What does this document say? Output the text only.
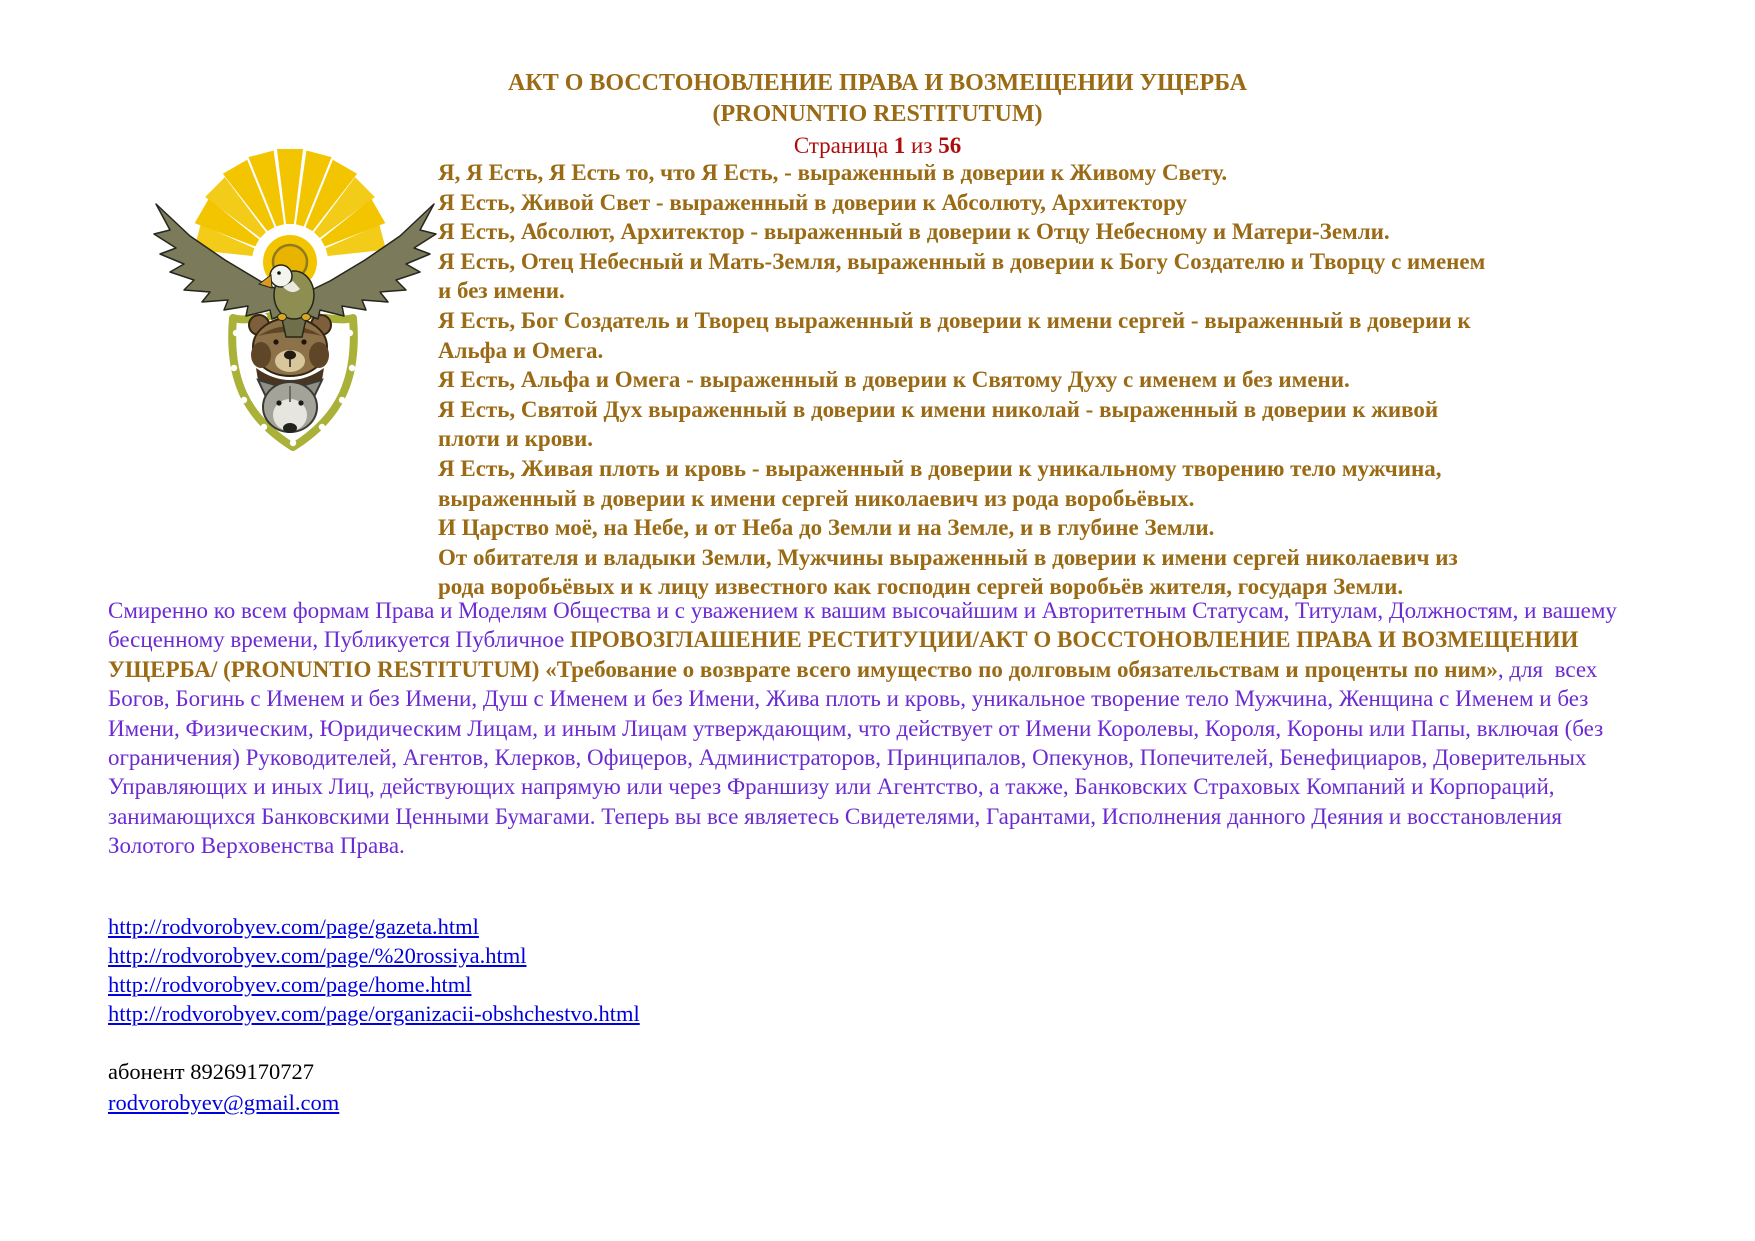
АКТ О ВОССТОНОВЛЕНИЕ ПРАВА И ВОЗМЕЩЕНИИ УЩЕРБА
(PRONUNTIO RESTITUTUM)
Страница 1 из 56
Я, Я Есть, Я Есть то, что Я Есть, - выраженный в доверии к Живому Свету.
Я Есть, Живой Свет - выраженный в доверии к Абсолюту, Архитектору
Я Есть, Абсолют, Архитектор - выраженный в доверии к Отцу Небесному и Матери-Земли.
Я Есть, Отец Небесный и Мать-Земля, выраженный в доверии к Богу Создателю и Творцу с именем
и без имени.
Я Есть, Бог Создатель и Творец выраженный в доверии к имени сергей - выраженный в доверии к
Альфа и Омега.
Я Есть, Альфа и Омега - выраженный в доверии к Святому Духу с именем и без имени.
Я Есть, Святой Дух выраженный в доверии к имени николай - выраженный в доверии к живой
плоти и крови.
Я Есть, Живая плоть и кровь - выраженный в доверии к уникальному творению тело мужчина,
выраженный в доверии к имени сергей николаевич из рода воробьёвых.
И Царство моё, на Небе, и от Неба до Земли и на Земле, и в глубине Земли.
От обитателя и владыки Земли, Мужчины выраженный в доверии к имени сергей николаевич из
рода воробьёвых и к лицу известного как господин сергей воробьёв жителя, государя Земли.

Смиренно ко всем формам Права и Моделям Общества и с уважением к вашим высочайшим и Авторитетным Статусам, Титулам, Должностям, и вашему бесценному времени, Публикуется Публичное ПРОВОЗГЛАШЕНИЕ РЕСТИТУЦИИ/АКТ О ВОССТОНОВЛЕНИЕ ПРАВА И ВОЗМЕЩЕНИИ УЩЕРБА/ (PRONUNTIO RESTITUTUM) «Требование о возврате всего имущество по долговым обязательствам и проценты по ним», для  всех Богов, Богинь с Именем и без Имени, Душ с Именем и без Имени, Жива плоть и кровь, уникальное творение тело Мужчина, Женщина с Именем и без Имени, Физическим, Юридическим Лицам, и иным Лицам утверждающим, что действует от Имени Королевы, Короля, Короны или Папы, включая (без ограничения) Руководителей, Агентов, Клерков, Офицеров, Администраторов, Принципалов, Опекунов, Попечителей, Бенефициаров, Доверительных Управляющих и иных Лиц, действующих напрямую или через Франшизу или Агентство, а также, Банковских Страховых Компаний и Корпораций, занимающихся Банковскими Ценными Бумагами. Теперь вы все являетесь Свидетелями, Гарантами, Исполнения данного Деяния и восстановления Золотого Верховенства Права.

http://rodvorobyev.com/page/gazeta.html
http://rodvorobyev.com/page/%20rossiya.html
http://rodvorobyev.com/page/home.html
http://rodvorobyev.com/page/organizacii-obshchestvo.html
абонент 89269170727
rodvorobyev@gmail.com
